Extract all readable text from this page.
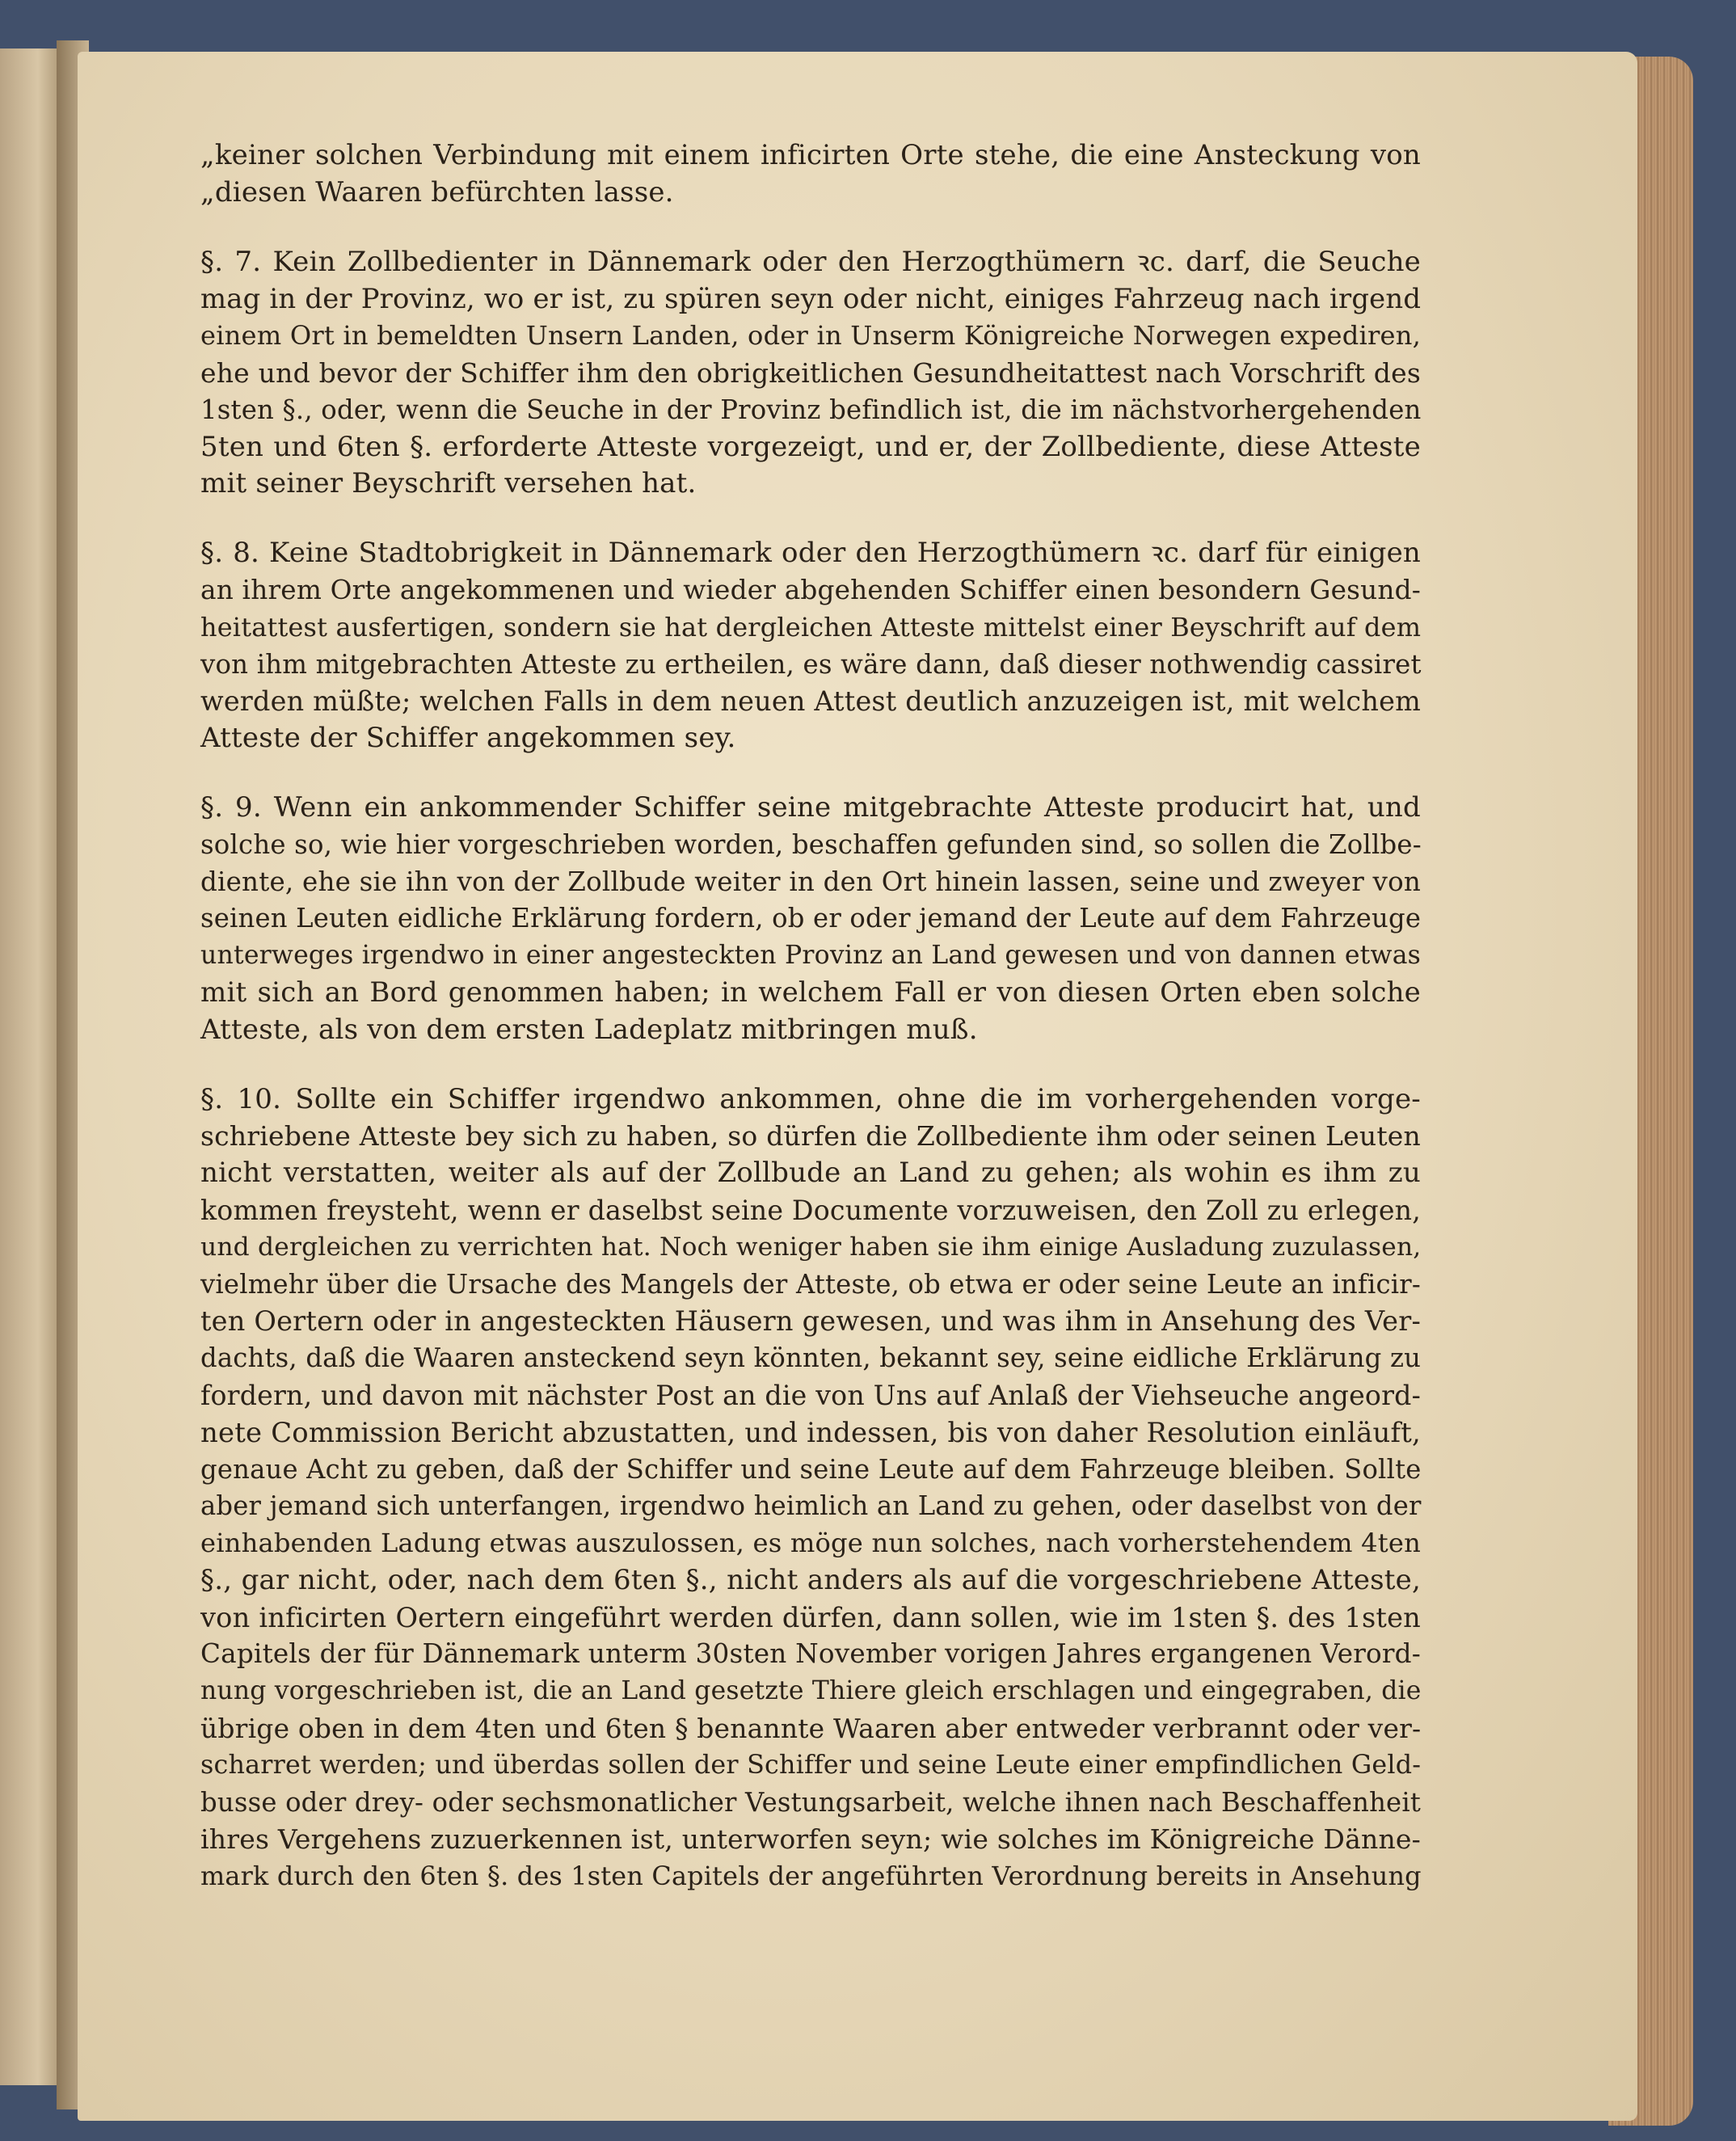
„keiner solchen Verbindung mit einem inficirten Orte stehe, die eine Ansteckung von
„diesen Waaren befürchten lasse.
§. 7. Kein Zollbedienter in Dännemark oder den Herzogthümern ꝛc. darf, die Seuche
mag in der Provinz, wo er ist, zu spüren seyn oder nicht, einiges Fahrzeug nach irgend
einem Ort in bemeldten Unsern Landen, oder in Unserm Königreiche Norwegen expediren,
ehe und bevor der Schiffer ihm den obrigkeitlichen Gesundheitattest nach Vorschrift des
1sten §., oder, wenn die Seuche in der Provinz befindlich ist, die im nächstvorhergehenden
5ten und 6ten §. erforderte Atteste vorgezeigt, und er, der Zollbediente, diese Atteste
mit seiner Beyschrift versehen hat.
§. 8. Keine Stadtobrigkeit in Dännemark oder den Herzogthümern ꝛc. darf für einigen
an ihrem Orte angekommenen und wieder abgehenden Schiffer einen besondern Gesund-
heitattest ausfertigen, sondern sie hat dergleichen Atteste mittelst einer Beyschrift auf dem
von ihm mitgebrachten Atteste zu ertheilen, es wäre dann, daß dieser nothwendig cassiret
werden müßte; welchen Falls in dem neuen Attest deutlich anzuzeigen ist, mit welchem
Atteste der Schiffer angekommen sey.
§. 9. Wenn ein ankommender Schiffer seine mitgebrachte Atteste producirt hat, und
solche so, wie hier vorgeschrieben worden, beschaffen gefunden sind, so sollen die Zollbe-
diente, ehe sie ihn von der Zollbude weiter in den Ort hinein lassen, seine und zweyer von
seinen Leuten eidliche Erklärung fordern, ob er oder jemand der Leute auf dem Fahrzeuge
unterweges irgendwo in einer angesteckten Provinz an Land gewesen und von dannen etwas
mit sich an Bord genommen haben; in welchem Fall er von diesen Orten eben solche
Atteste, als von dem ersten Ladeplatz mitbringen muß.
§. 10. Sollte ein Schiffer irgendwo ankommen, ohne die im vorhergehenden vorge-
schriebene Atteste bey sich zu haben, so dürfen die Zollbediente ihm oder seinen Leuten
nicht verstatten, weiter als auf der Zollbude an Land zu gehen; als wohin es ihm zu
kommen freysteht, wenn er daselbst seine Documente vorzuweisen, den Zoll zu erlegen,
und dergleichen zu verrichten hat. Noch weniger haben sie ihm einige Ausladung zuzulassen,
vielmehr über die Ursache des Mangels der Atteste, ob etwa er oder seine Leute an inficir-
ten Oertern oder in angesteckten Häusern gewesen, und was ihm in Ansehung des Ver-
dachts, daß die Waaren ansteckend seyn könnten, bekannt sey, seine eidliche Erklärung zu
fordern, und davon mit nächster Post an die von Uns auf Anlaß der Viehseuche angeord-
nete Commission Bericht abzustatten, und indessen, bis von daher Resolution einläuft,
genaue Acht zu geben, daß der Schiffer und seine Leute auf dem Fahrzeuge bleiben. Sollte
aber jemand sich unterfangen, irgendwo heimlich an Land zu gehen, oder daselbst von der
einhabenden Ladung etwas auszulossen, es möge nun solches, nach vorherstehendem 4ten
§., gar nicht, oder, nach dem 6ten §., nicht anders als auf die vorgeschriebene Atteste,
von inficirten Oertern eingeführt werden dürfen, dann sollen, wie im 1sten §. des 1sten
Capitels der für Dännemark unterm 30sten November vorigen Jahres ergangenen Verord-
nung vorgeschrieben ist, die an Land gesetzte Thiere gleich erschlagen und eingegraben, die
übrige oben in dem 4ten und 6ten § benannte Waaren aber entweder verbrannt oder ver-
scharret werden; und überdas sollen der Schiffer und seine Leute einer empfindlichen Geld-
busse oder drey- oder sechsmonatlicher Vestungsarbeit, welche ihnen nach Beschaffenheit
ihres Vergehens zuzuerkennen ist, unterworfen seyn; wie solches im Königreiche Dänne-
mark durch den 6ten §. des 1sten Capitels der angeführten Verordnung bereits in Ansehung
